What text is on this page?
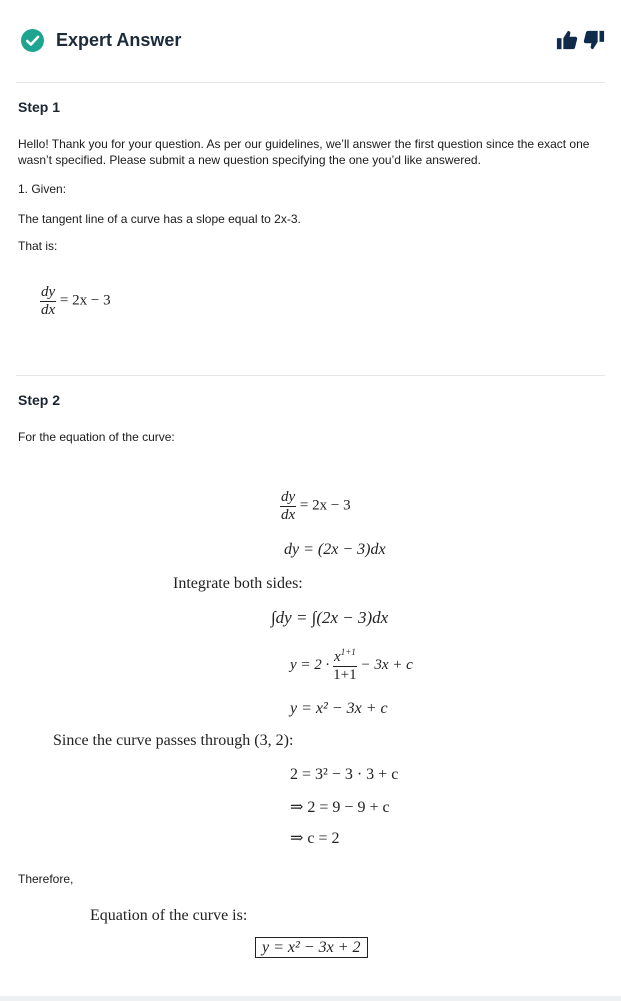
Expert Answer
Step 1
Hello! Thank you for your question. As per our guidelines, we’ll answer the first question since the exact one wasn’t specified. Please submit a new question specifying the one you’d like answered.
1. Given:
The tangent line of a curve has a slope equal to 2x-3.
That is:
$\frac{dy}{dx} = 2x - 3$
Step 2
For the equation of the curve:
$\frac{dy}{dx} = 2x - 3$
dy = (2x − 3)dx
Integrate both sides:
∫dy = ∫(2x − 3)dx
$y = 2 \cdot \frac{x^{1+1}}{1+1} - 3x + c$
y = x² − 3x + c
Since the curve passes through (3, 2):
2 = 3² − 3 · 3 + c
⇒ 2 = 9 − 9 + c
⇒ c = 2
Therefore,
Equation of the curve is:
y = x² − 3x + 2
